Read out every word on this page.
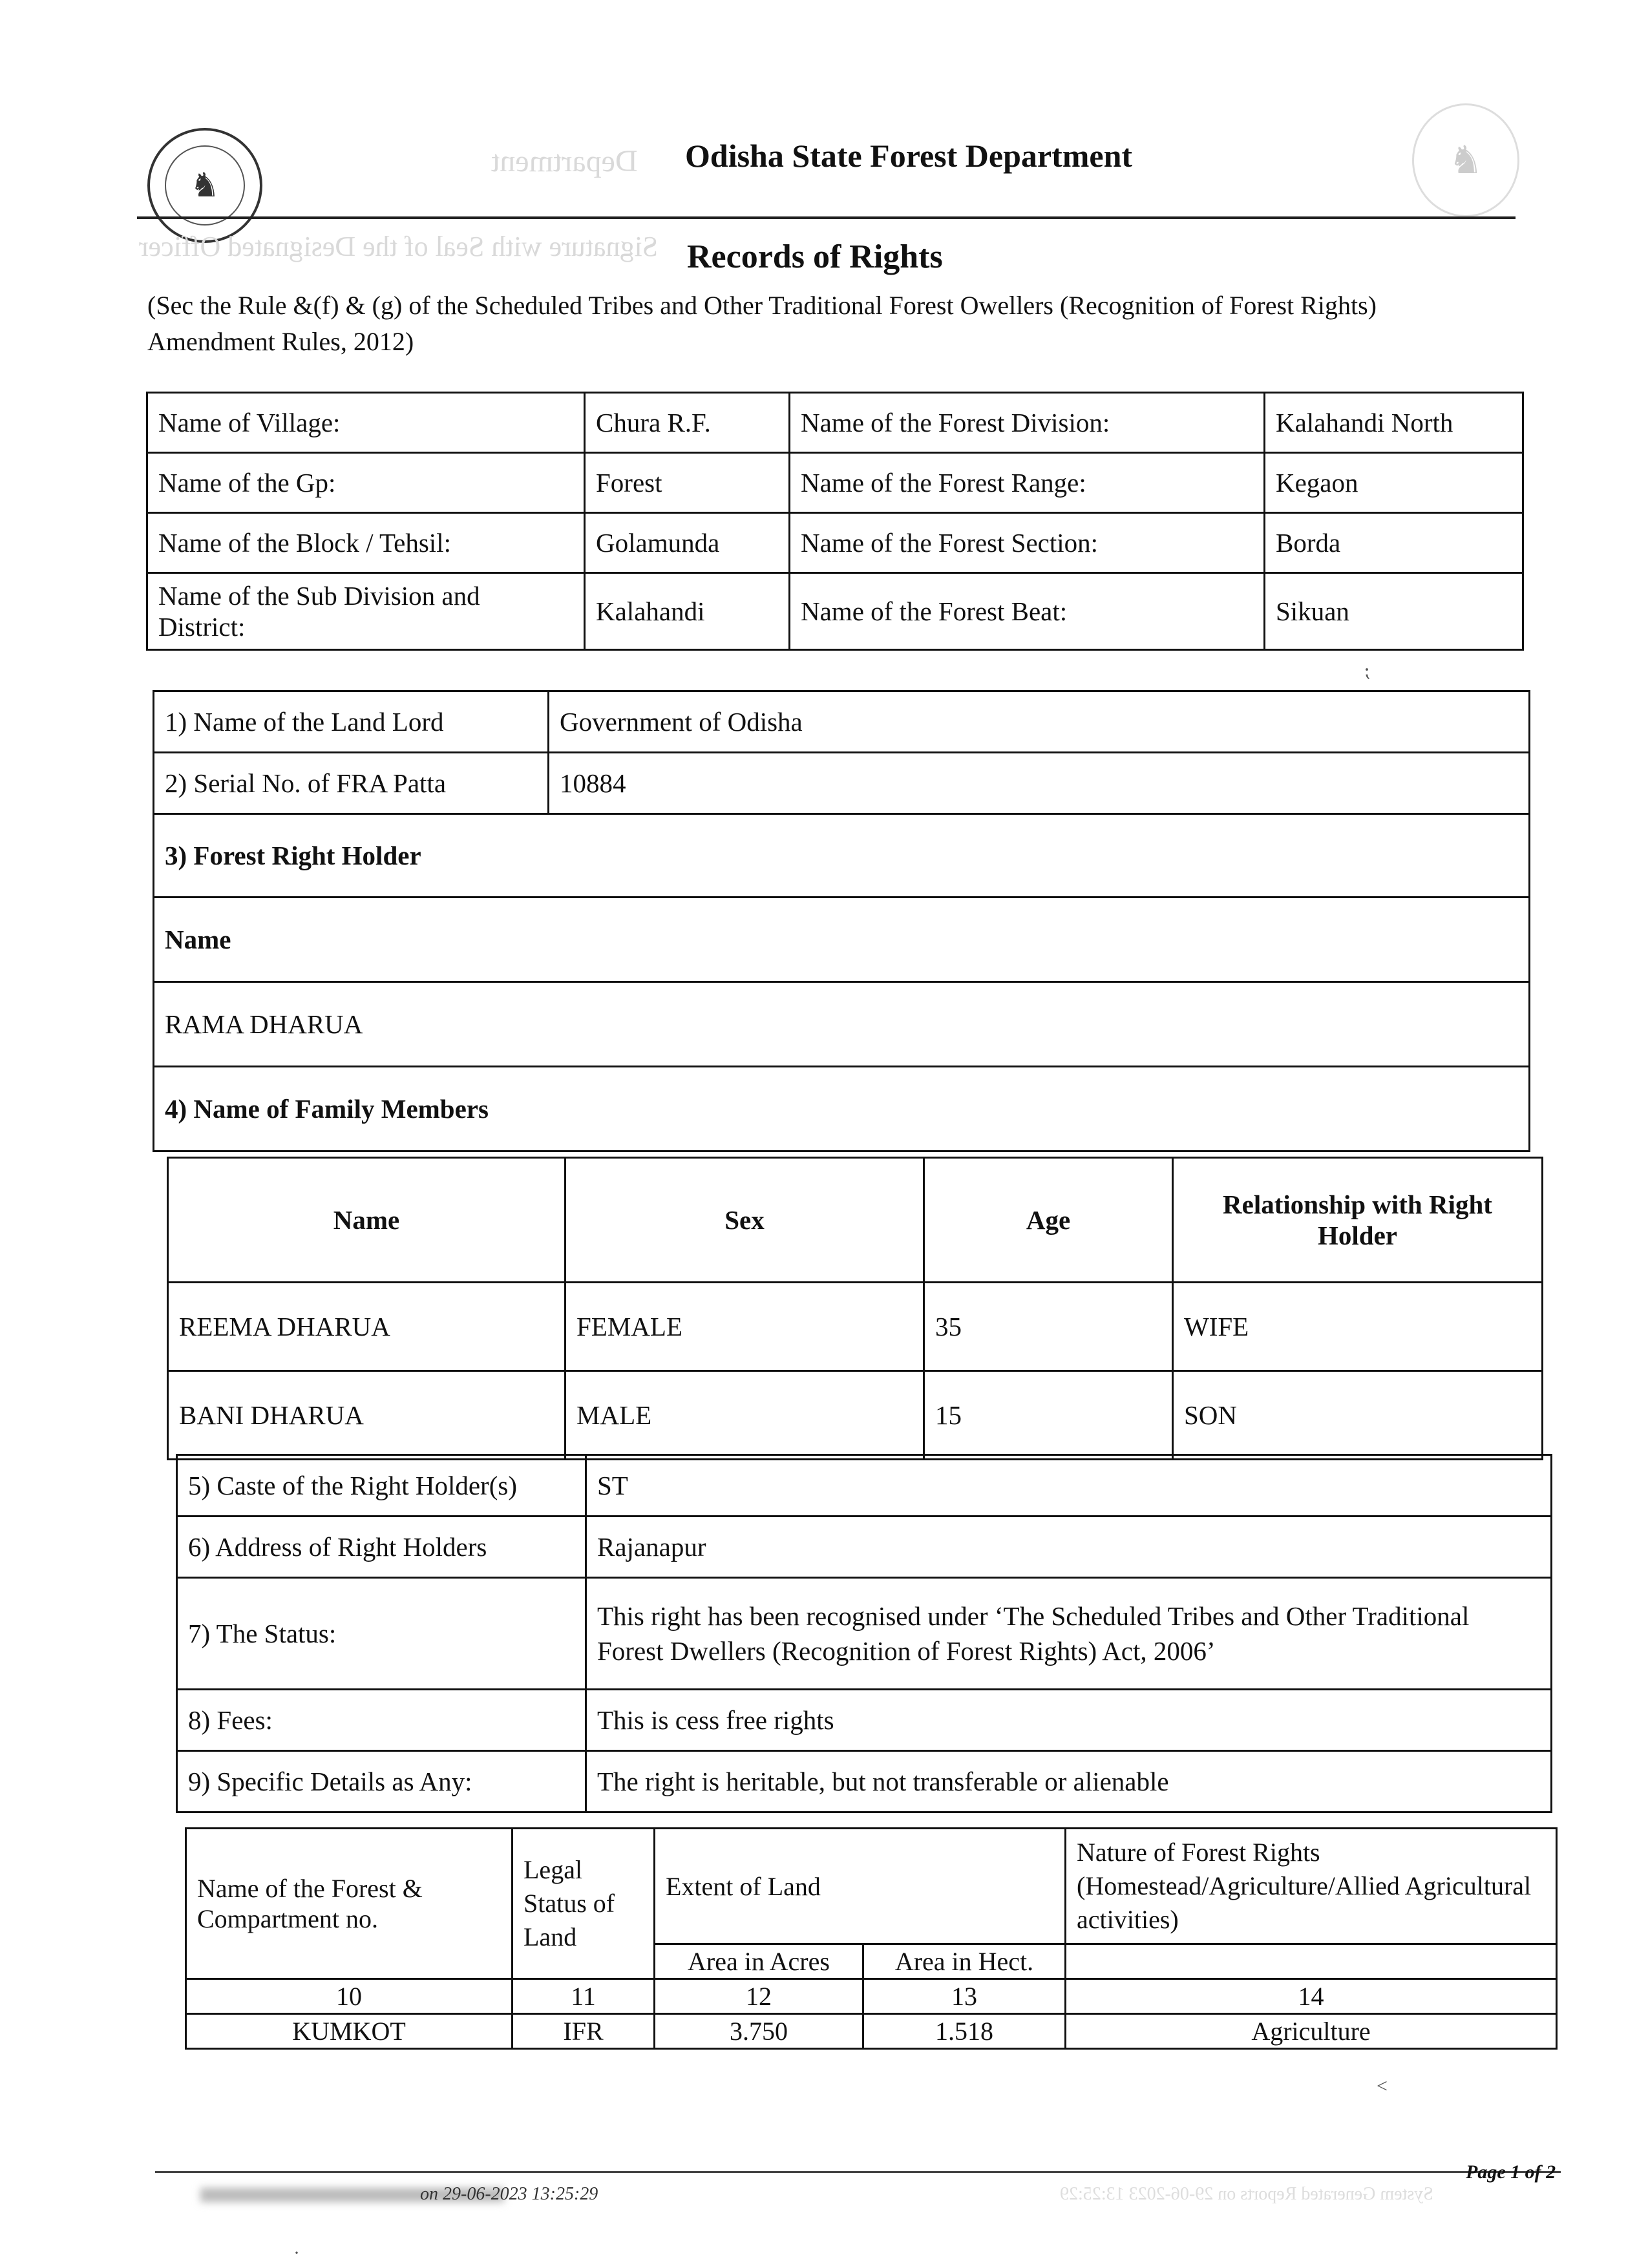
♞
♞
Department Odisha State Forest Department
Signature with Seal of the Designated Officer Records of Rights
(Sec the Rule &(f) & (g) of the Scheduled Tribes and Other Traditional Forest Owellers (Recognition of Forest Rights) Amendment Rules, 2012)
Name of Village:	Chura R.F.	Name of the Forest Division:	Kalahandi North
Name of the Gp:	Forest	Name of the Forest Range:	Kegaon
Name of the Block / Tehsil:	Golamunda	Name of the Forest Section:	Borda
Name of the Sub Division and District:	Kalahandi	Name of the Forest Beat:	Sikuan
1) Name of the Land Lord	Government of Odisha
2) Serial No. of FRA Patta	10884
3) Forest Right Holder	
Name	
RAMA DHARUA	
4) Name of Family Members	
Name	Sex	Age	Relationship with Right Holder
REEMA DHARUA	FEMALE	35	WIFE
BANI DHARUA	MALE	15	SON
5) Caste of the Right Holder(s)	ST
6) Address of Right Holders	Rajanapur
7) The Status:	This right has been recognised under ‘The Scheduled Tribes and Other Traditional Forest Dwellers (Recognition of Forest Rights) Act, 2006’
8) Fees:	This is cess free rights
9) Specific Details as Any:	The right is heritable, but not transferable or alienable
Name of the Forest & Compartment no.	Legal Status of Land	Extent of Land		Nature of Forest Rights (Homestead/Agriculture/Allied Agricultural activities)
		Area in Acres	Area in Hect.	
10	11	12	13	14
KUMKOT	IFR	3.750	1.518	Agriculture
on 29-06-2023 13:25:29	System Generated Reports on 29-06-2023 13:25:29
Page 1 of 2
⁏
˂
·
